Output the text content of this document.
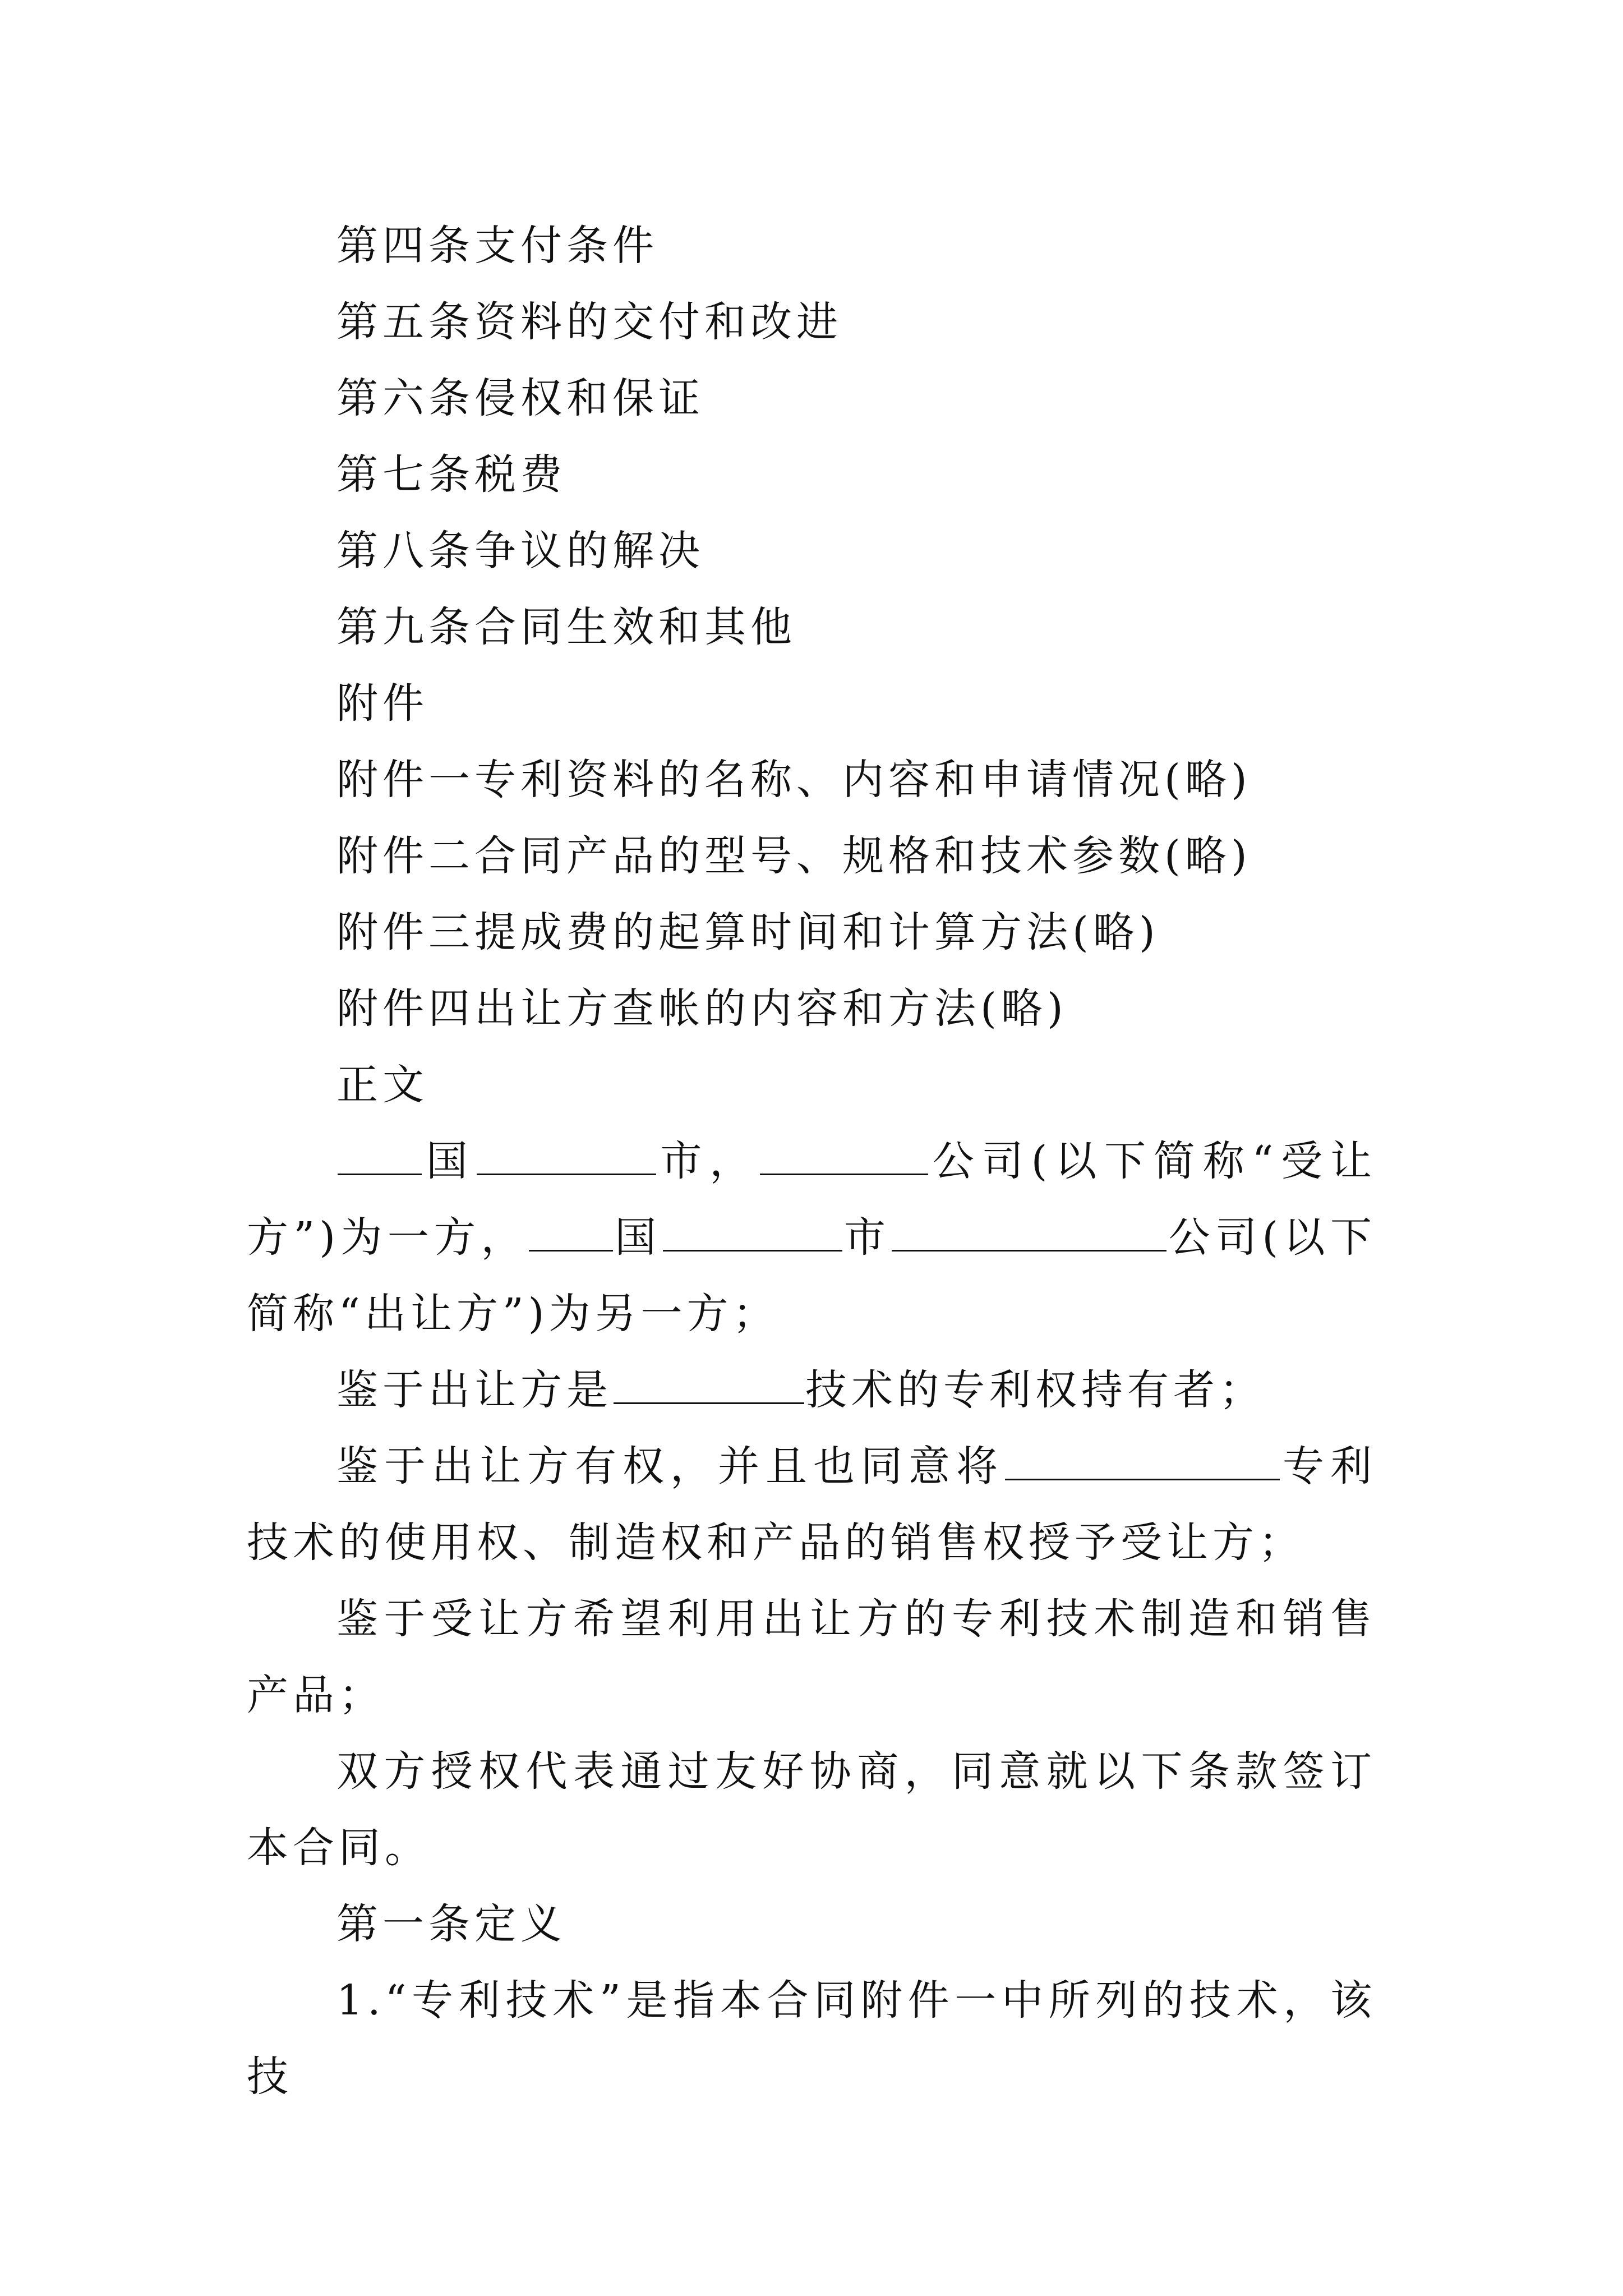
第四条支付条件
第五条资料的交付和改进
第六条侵权和保证
第七条税费
第八条争议的解决
第九条合同生效和其他
附件
附件一专利资料的名称、内容和申请情况(略)
附件二合同产品的型号、规格和技术参数(略)
附件三提成费的起算时间和计算方法(略)
附件四出让方查帐的内容和方法(略)
正文

国	市，	公司(以下简称“受让方”)为一方， 国	市	公司(以下简称“出让方”)为另一方；

鉴于出让方是	技术的专利权持有者；

鉴于出让方有权，并且也同意将	专利技术的使用权、制造权和产品的销售权授予受让方；

鉴于受让方希望利用出让方的专利技术制造和销售产品；

双方授权代表通过友好协商，同意就以下条款签订本合同。

第一条定义

1.“专利技术”是指本合同附件一中所列的技术，该技
